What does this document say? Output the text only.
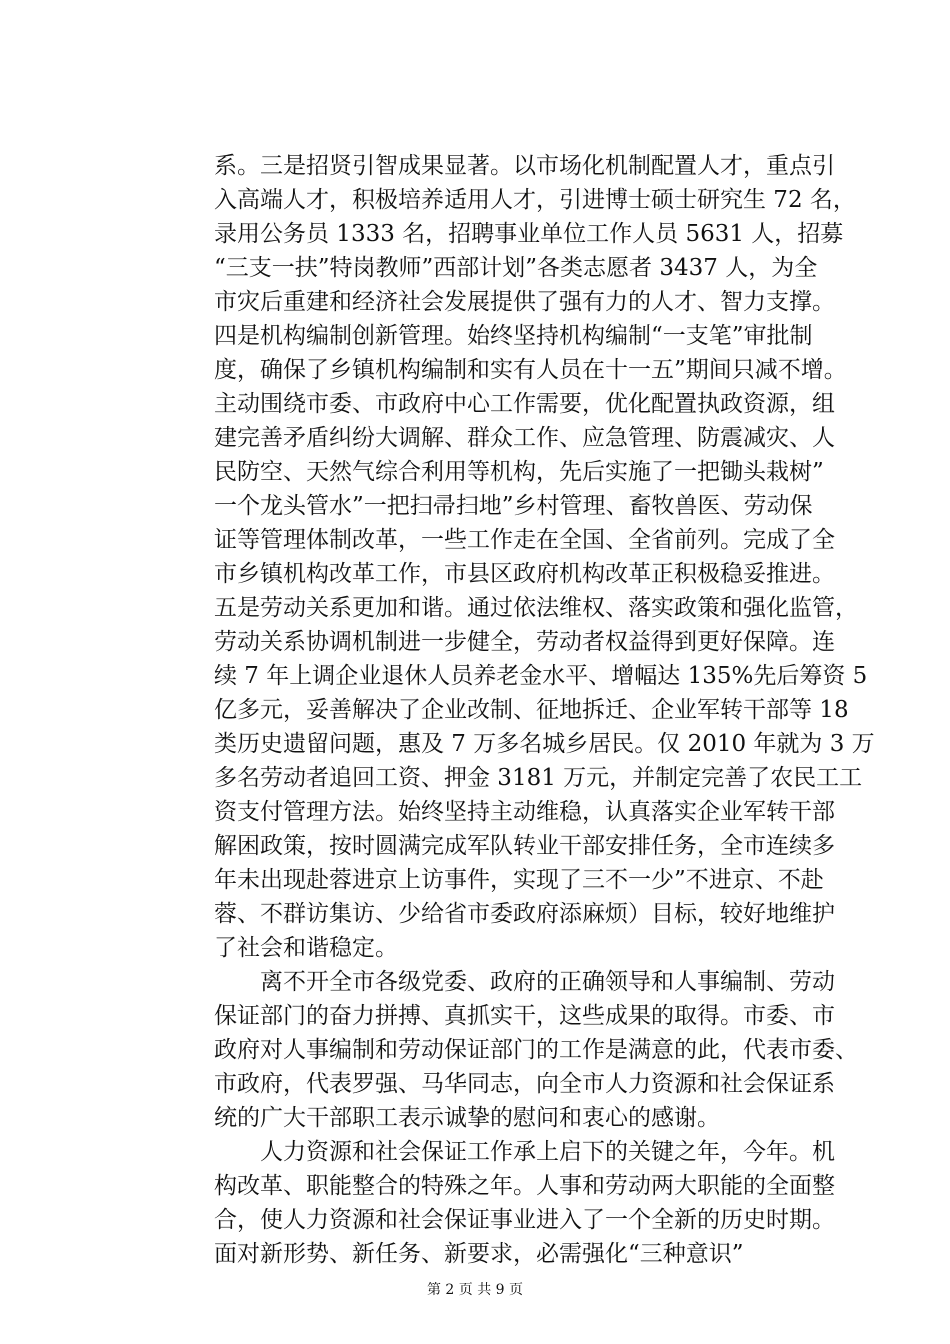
系。三是招贤引智成果显著。以市场化机制配置人才，重点引
入高端人才，积极培养适用人才，引进博士硕士研究生 72 名，
录用公务员 1333 名，招聘事业单位工作人员 5631 人，招募
“三支一扶”特岗教师”西部计划”各类志愿者 3437 人，为全
市灾后重建和经济社会发展提供了强有力的人才、智力支撑。
四是机构编制创新管理。始终坚持机构编制“一支笔”审批制
度，确保了乡镇机构编制和实有人员在十一五”期间只减不增。
主动围绕市委、市政府中心工作需要，优化配置执政资源，组
建完善矛盾纠纷大调解、群众工作、应急管理、防震减灾、人
民防空、天然气综合利用等机构，先后实施了一把锄头栽树”
一个龙头管水”一把扫帚扫地”乡村管理、畜牧兽医、劳动保
证等管理体制改革，一些工作走在全国、全省前列。完成了全
市乡镇机构改革工作，市县区政府机构改革正积极稳妥推进。
五是劳动关系更加和谐。通过依法维权、落实政策和强化监管，
劳动关系协调机制进一步健全，劳动者权益得到更好保障。连
续 7 年上调企业退休人员养老金水平、增幅达 135%先后筹资 5
亿多元，妥善解决了企业改制、征地拆迁、企业军转干部等 18
类历史遗留问题，惠及 7 万多名城乡居民。仅 2010 年就为 3 万
多名劳动者追回工资、押金 3181 万元，并制定完善了农民工工
资支付管理方法。始终坚持主动维稳，认真落实企业军转干部
解困政策，按时圆满完成军队转业干部安排任务，全市连续多
年未出现赴蓉进京上访事件，实现了三不一少”不进京、不赴
蓉、不群访集访、少给省市委政府添麻烦）目标，较好地维护
了社会和谐稳定。
　　离不开全市各级党委、政府的正确领导和人事编制、劳动
保证部门的奋力拼搏、真抓实干，这些成果的取得。市委、市
政府对人事编制和劳动保证部门的工作是满意的此，代表市委、
市政府，代表罗强、马华同志，向全市人力资源和社会保证系
统的广大干部职工表示诚挚的慰问和衷心的感谢。
　　人力资源和社会保证工作承上启下的关键之年，今年。机
构改革、职能整合的特殊之年。人事和劳动两大职能的全面整
合，使人力资源和社会保证事业进入了一个全新的历史时期。
面对新形势、新任务、新要求，必需强化“三种意识”
第 2 页 共 9 页
